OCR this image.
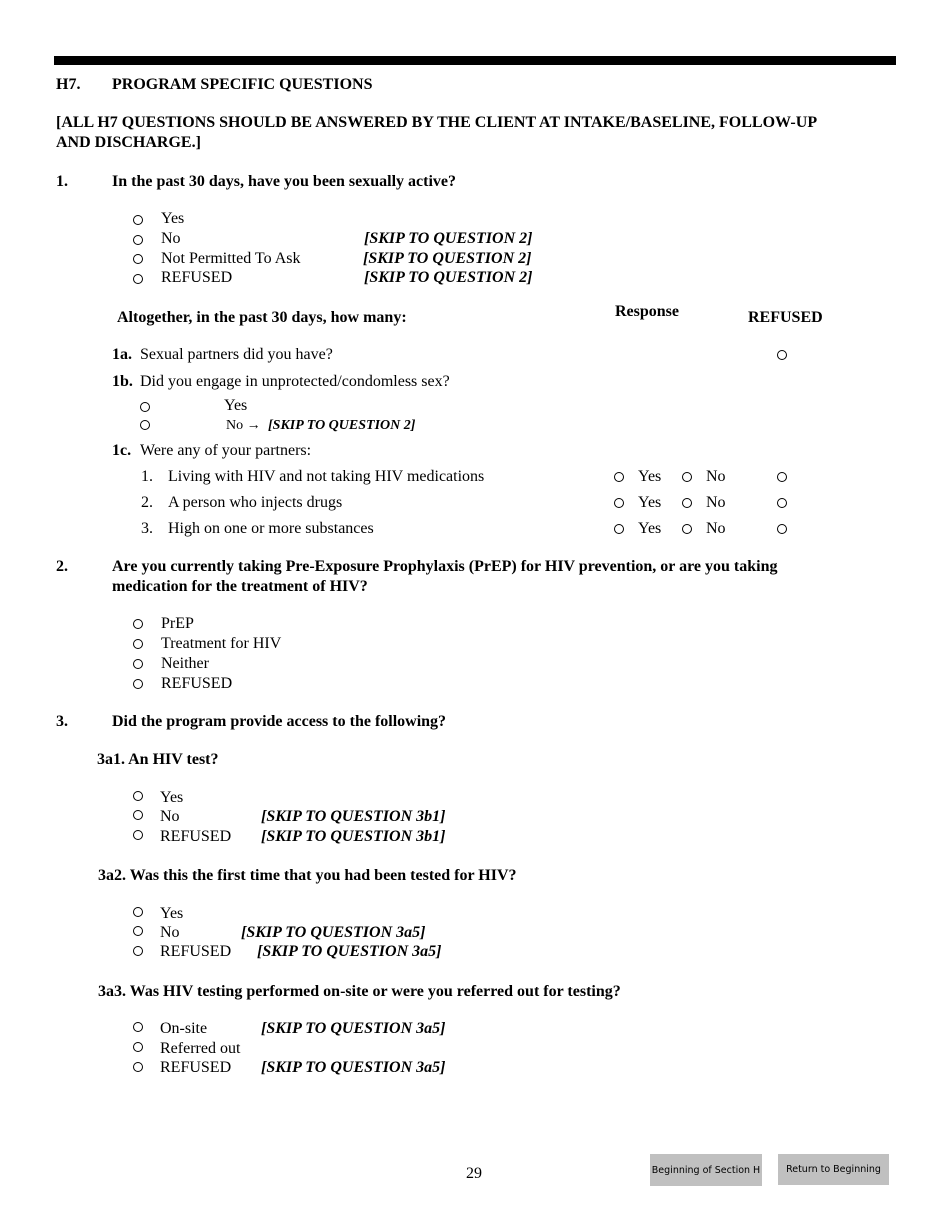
H7. PROGRAM SPECIFIC QUESTIONS
[ALL H7 QUESTIONS SHOULD BE ANSWERED BY THE CLIENT AT INTAKE/BASELINE, FOLLOW-UP
AND DISCHARGE.]
1.	In the past 30 days, have you been sexually active?
Yes
No	[SKIP TO QUESTION 2]
Not Permitted To Ask	[SKIP TO QUESTION 2]
REFUSED	[SKIP TO QUESTION 2]
Altogether, in the past 30 days, how many:	Response	REFUSED
1a. Sexual partners did you have?
1b. Did you engage in unprotected/condomless sex?
Yes
No → [SKIP TO QUESTION 2]
1c. Were any of your partners:
1. Living with HIV and not taking HIV medications	Yes	No
2. A person who injects drugs	Yes	No
3. High on one or more substances	Yes	No
2.	Are you currently taking Pre-Exposure Prophylaxis (PrEP) for HIV prevention, or are you taking
medication for the treatment of HIV?
PrEP
Treatment for HIV
Neither
REFUSED
3.	Did the program provide access to the following?
3a1. An HIV test?
Yes
No	[SKIP TO QUESTION 3b1]
REFUSED [SKIP TO QUESTION 3b1]
3a2. Was this the first time that you had been tested for HIV?
Yes
No	[SKIP TO QUESTION 3a5]
REFUSED [SKIP TO QUESTION 3a5]
3a3. Was HIV testing performed on-site or were you referred out for testing?
On-site	[SKIP TO QUESTION 3a5]
Referred out
REFUSED [SKIP TO QUESTION 3a5]
29	Beginning of Section H	Return to Beginning
